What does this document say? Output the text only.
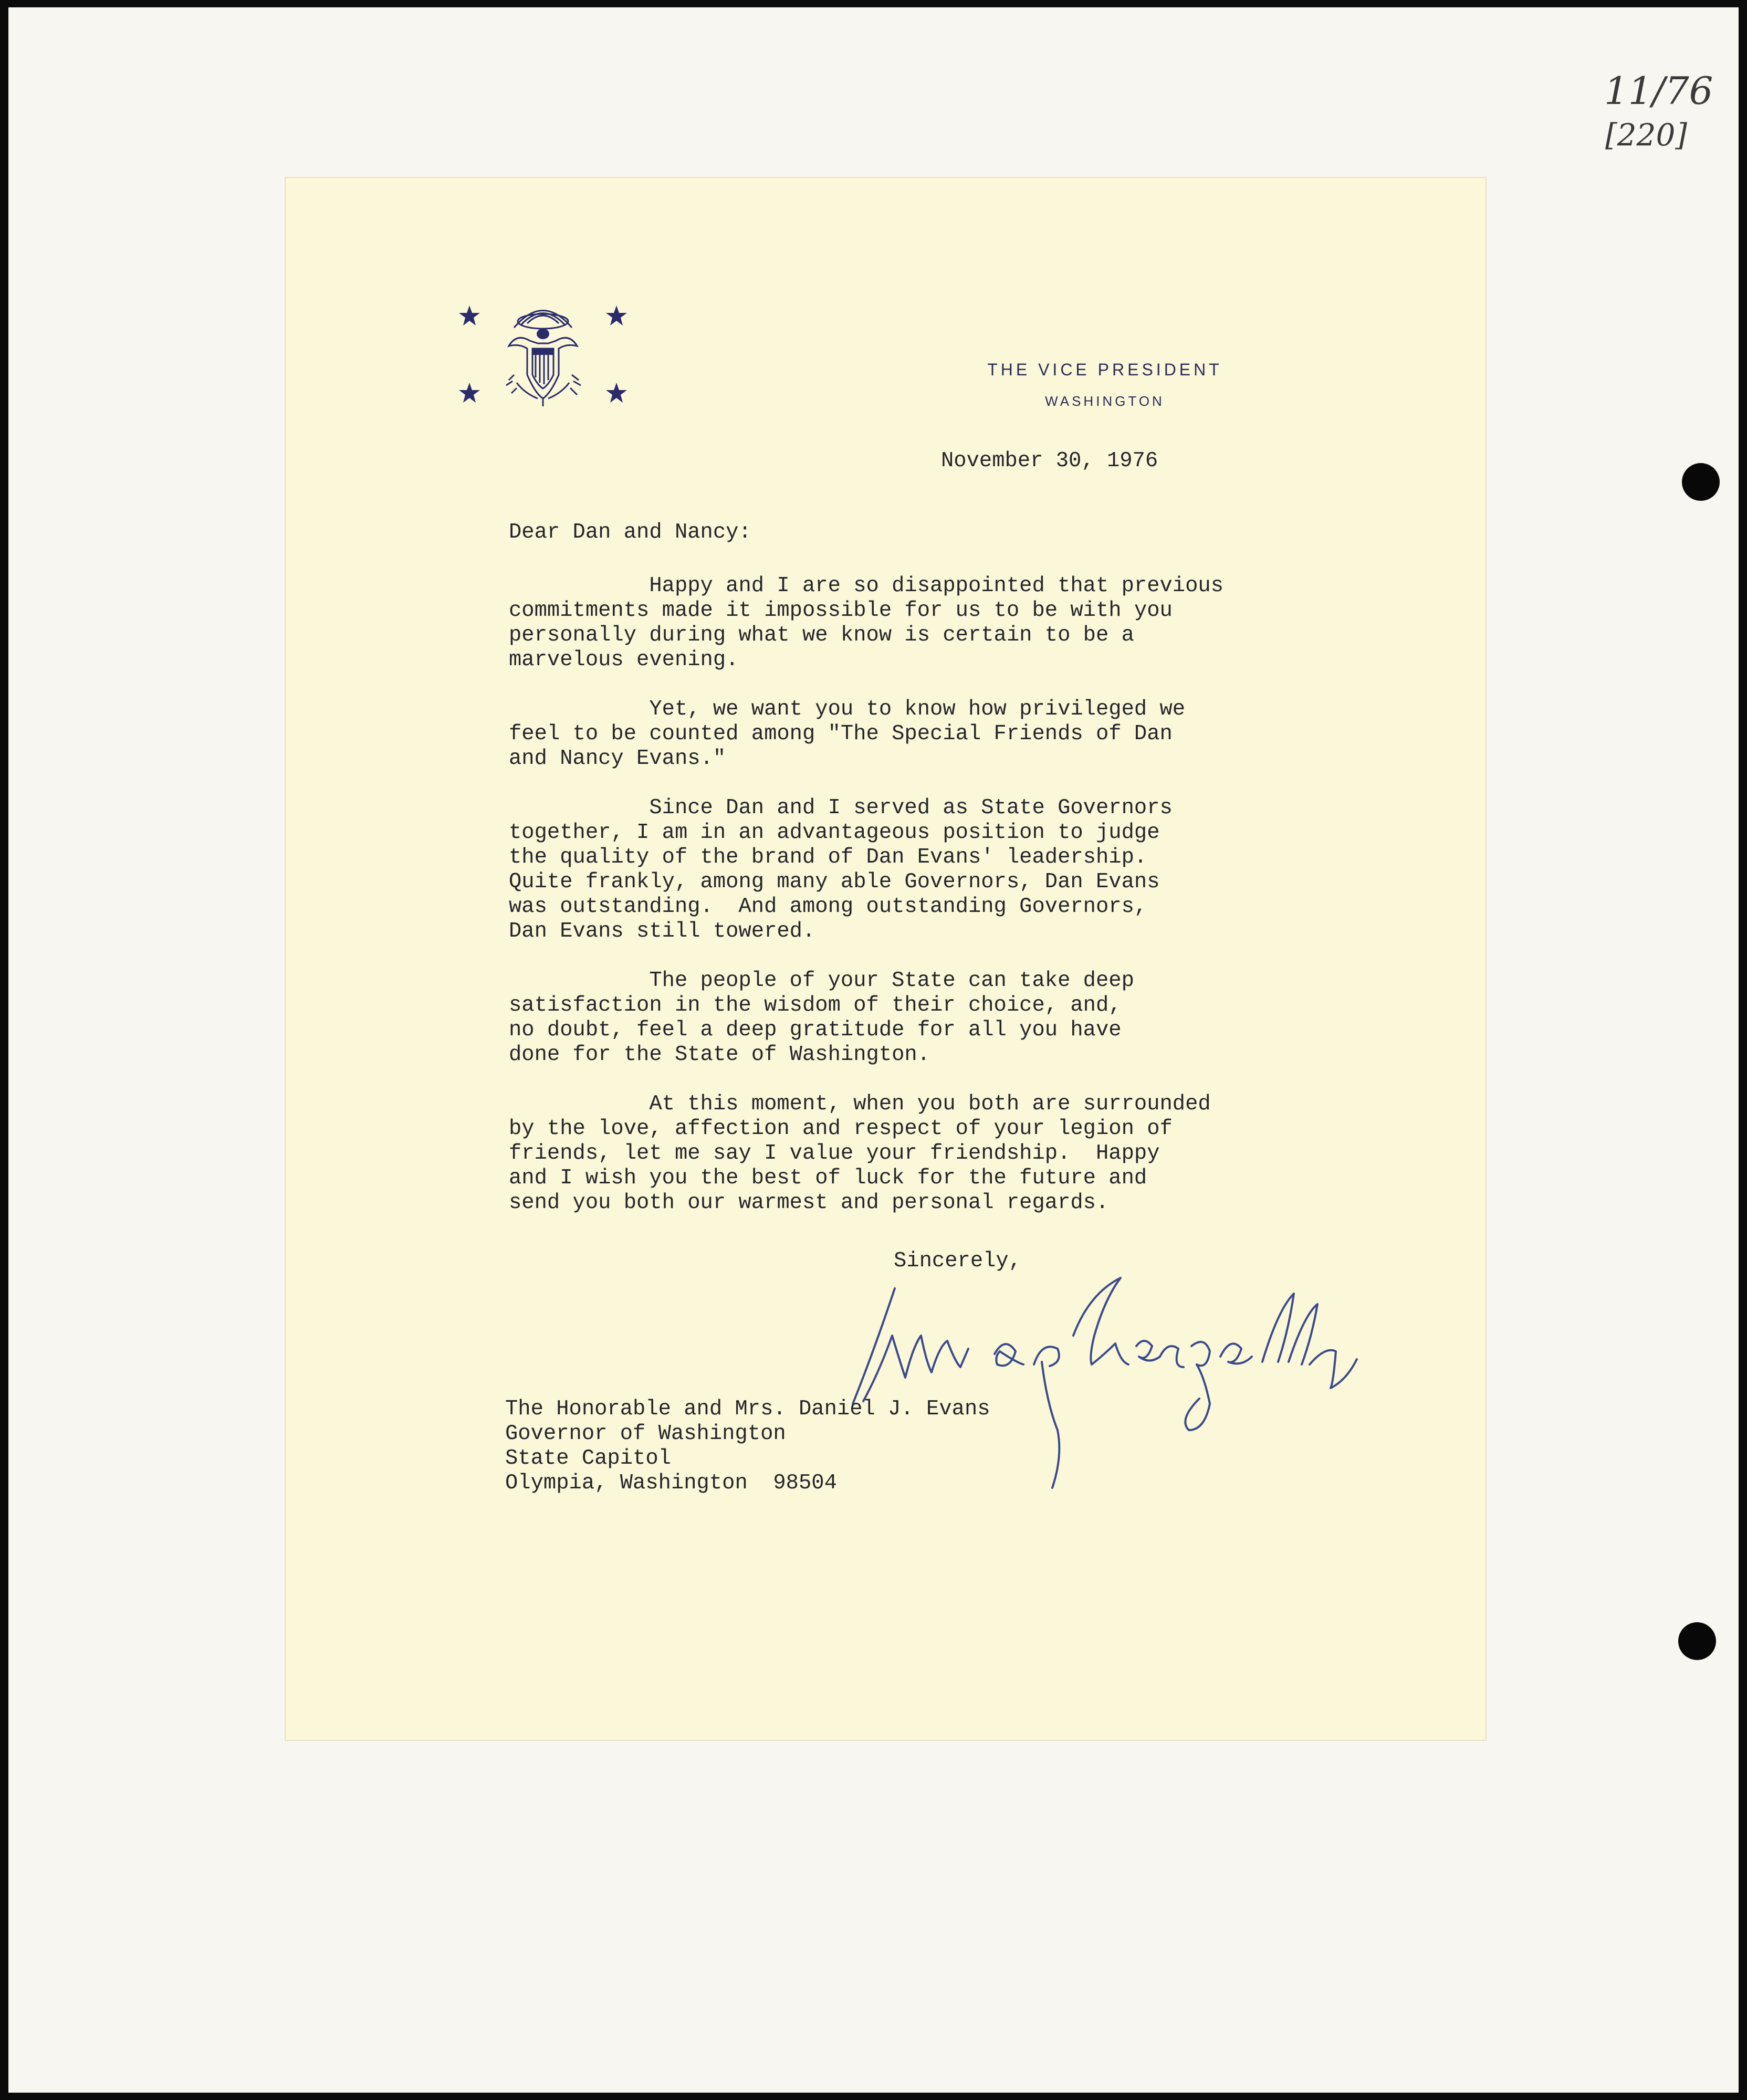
11/76
[220]
THE VICE PRESIDENT
WASHINGTON

November 30, 1976

Dear Dan and Nancy:

Happy and I are so disappointed that previous
commitments made it impossible for us to be with you
personally during what we know is certain to be a
marvelous evening.

Yet, we want you to know how privileged we
feel to be counted among "The Special Friends of Dan
and Nancy Evans."

Since Dan and I served as State Governors
together, I am in an advantageous position to judge
the quality of the brand of Dan Evans' leadership.
Quite frankly, among many able Governors, Dan Evans
was outstanding.  And among outstanding Governors,
Dan Evans still towered.

The people of your State can take deep
satisfaction in the wisdom of their choice, and,
no doubt, feel a deep gratitude for all you have
done for the State of Washington.

At this moment, when you both are surrounded
by the love, affection and respect of your legion of
friends, let me say I value your friendship.  Happy
and I wish you the best of luck for the future and
send you both our warmest and personal regards.

Sincerely,

The Honorable and Mrs. Daniel J. Evans
Governor of Washington
State Capitol
Olympia, Washington  98504
